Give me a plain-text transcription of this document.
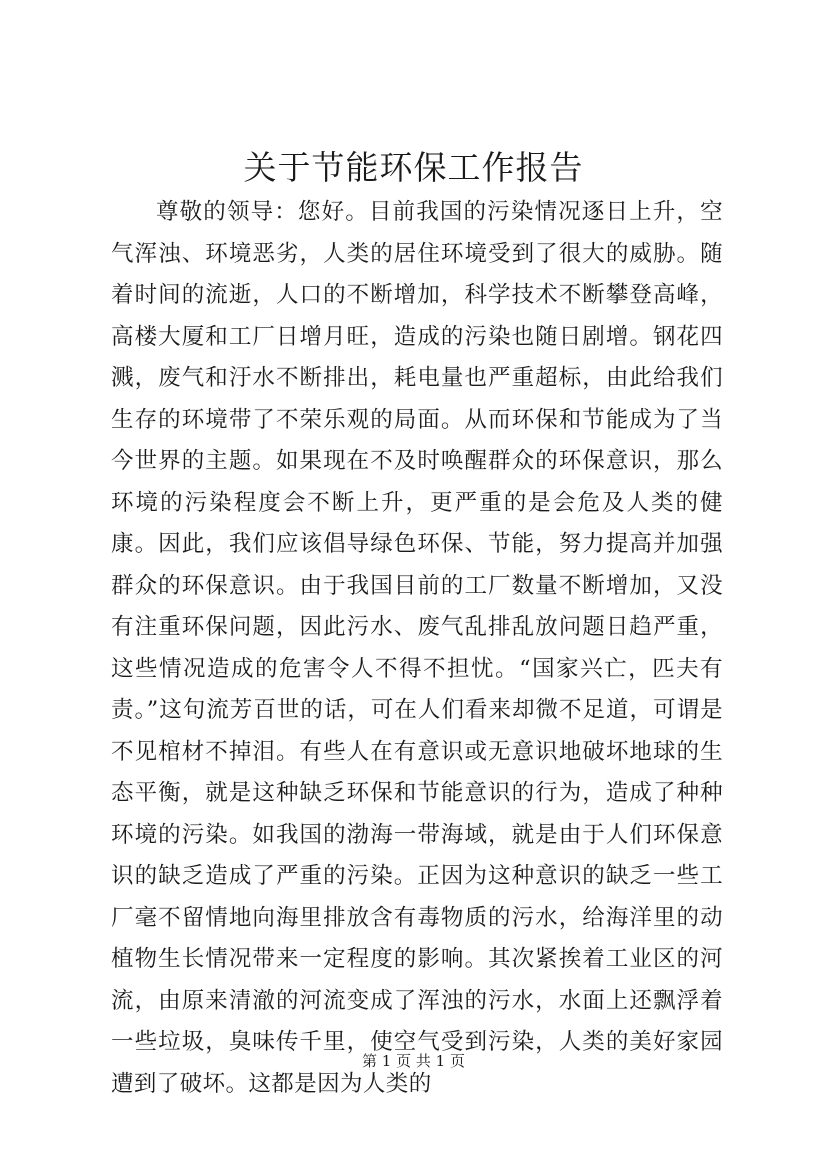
关于节能环保工作报告

尊敬的领导：您好。目前我国的污染情况逐日上升，空气浑浊、环境恶劣，人类的居住环境受到了很大的威胁。随着时间的流逝，人口的不断增加，科学技术不断攀登高峰，高楼大厦和工厂日增月旺，造成的污染也随日剧增。钢花四溅，废气和汙水不断排出，耗电量也严重超标，由此给我们生存的环境带了不荣乐观的局面。从而环保和节能成为了当今世界的主题。如果现在不及时唤醒群众的环保意识，那么环境的污染程度会不断上升，更严重的是会危及人类的健康。因此，我们应该倡导绿色环保、节能，努力提高并加强群众的环保意识。由于我国目前的工厂数量不断增加，又没有注重环保问题，因此污水、废气乱排乱放问题日趋严重，这些情况造成的危害令人不得不担忧。“国家兴亡，匹夫有责。”这句流芳百世的话，可在人们看来却微不足道，可谓是不见棺材不掉泪。有些人在有意识或无意识地破坏地球的生态平衡，就是这种缺乏环保和节能意识的行为，造成了种种环境的污染。如我国的渤海一带海域，就是由于人们环保意识的缺乏造成了严重的污染。正因为这种意识的缺乏一些工厂毫不留情地向海里排放含有毒物质的污水，给海洋里的动植物生长情况带来一定程度的影响。其次紧挨着工业区的河流，由原来清澈的河流变成了浑浊的污水，水面上还飘浮着一些垃圾，臭味传千里，使空气受到污染，人类的美好家园遭到了破坏。这都是因为人类的

第 1 页 共 1 页
